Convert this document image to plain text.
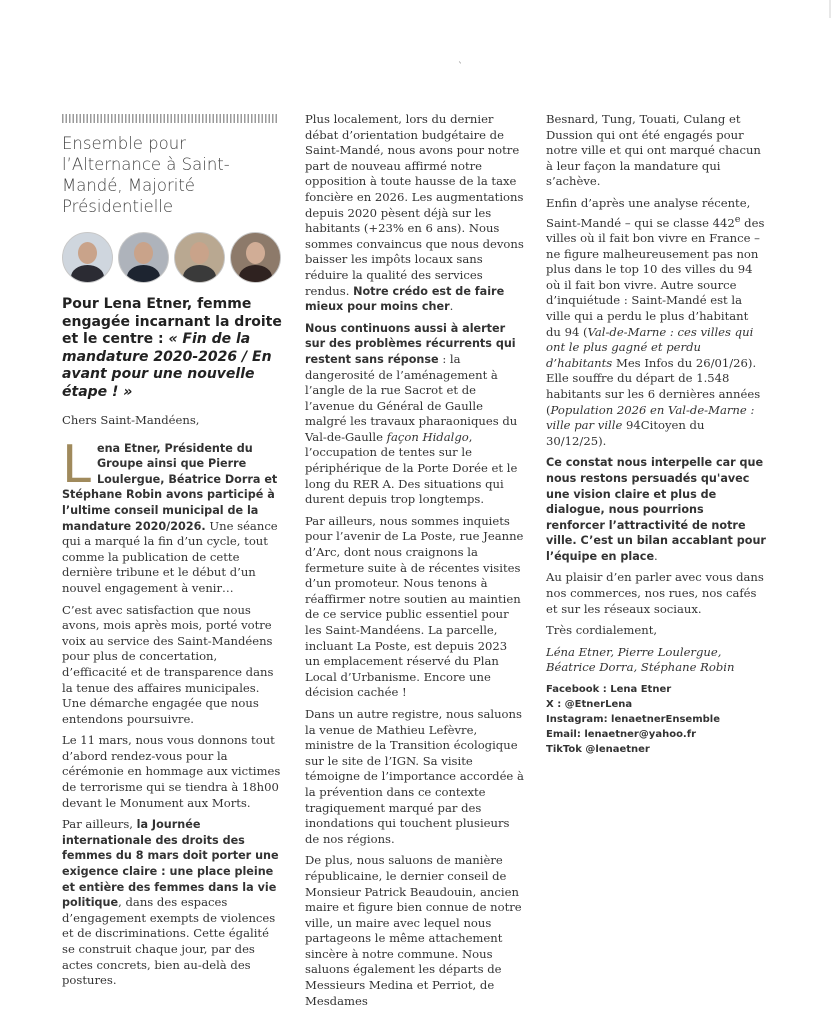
`
Ensemble pour l’Alternance à Saint-Mandé, Majorité Présidentielle
Pour Lena Etner, femme engagée incarnant la droite et le centre : « Fin de la mandature 2020-2026 / En avant pour une nouvelle étape ! »

Chers Saint-Mandéens,

Lena Etner, Présidente du Groupe ainsi que Pierre Loulergue, Béatrice Dorra et Stéphane Robin avons participé à l’ultime conseil municipal de la mandature 2020/2026. Une séance qui a marqué la fin d’un cycle, tout comme la publication de cette dernière tribune et le début d’un nouvel engagement à venir…

C’est avec satisfaction que nous avons, mois après mois, porté votre voix au service des Saint-Mandéens pour plus de concertation, d’efficacité et de transparence dans la tenue des affaires municipales. Une démarche engagée que nous entendons poursuivre.

Le 11 mars, nous vous donnons tout d’abord rendez-vous pour la cérémonie en hommage aux victimes de terrorisme qui se tiendra à 18h00 devant le Monument aux Morts.

Par ailleurs, la Journée internationale des droits des femmes du 8 mars doit porter une exigence claire : une place pleine et entière des femmes dans la vie politique, dans des espaces d’engagement exempts de violences et de discriminations. Cette égalité se construit chaque jour, par des actes concrets, bien au-delà des postures.

Plus localement, lors du dernier débat d’orientation budgétaire de Saint-Mandé, nous avons pour notre part de nouveau affirmé notre opposition à toute hausse de la taxe foncière en 2026. Les augmentations depuis 2020 pèsent déjà sur les habitants (+23% en 6 ans). Nous sommes convaincus que nous devons baisser les impôts locaux sans réduire la qualité des services rendus. Notre crédo est de faire mieux pour moins cher.

Nous continuons aussi à alerter sur des problèmes récurrents qui restent sans réponse : la dangerosité de l’aménagement à l’angle de la rue Sacrot et de l’avenue du Général de Gaulle malgré les travaux pharaoniques du Val-de-Gaulle façon Hidalgo, l’occupation de tentes sur le périphérique de la Porte Dorée et le long du RER A. Des situations qui durent depuis trop longtemps.

Par ailleurs, nous sommes inquiets pour l’avenir de La Poste, rue Jeanne d’Arc, dont nous craignons la fermeture suite à de récentes visites d’un promoteur. Nous tenons à réaffirmer notre soutien au maintien de ce service public essentiel pour les Saint-Mandéens. La parcelle, incluant La Poste, est depuis 2023 un emplacement réservé du Plan Local d’Urbanisme. Encore une décision cachée !

Dans un autre registre, nous saluons la venue de Mathieu Lefèvre, ministre de la Transition écologique sur le site de l’IGN. Sa visite témoigne de l’importance accordée à la prévention dans ce contexte tragiquement marqué par des inondations qui touchent plusieurs de nos régions.

De plus, nous saluons de manière républicaine, le dernier conseil de Monsieur Patrick Beaudouin, ancien maire et figure bien connue de notre ville, un maire avec lequel nous partageons le même attachement sincère à notre commune. Nous saluons également les départs de Messieurs Medina et Perriot, de Mesdames

Besnard, Tung, Touati, Culang et Dussion qui ont été engagés pour notre ville et qui ont marqué chacun à leur façon la mandature qui s’achève.

Enfin d’après une analyse récente, Saint-Mandé – qui se classe 442e des villes où il fait bon vivre en France – ne figure malheureusement pas non plus dans le top 10 des villes du 94 où il fait bon vivre. Autre source d’inquiétude : Saint-Mandé est la ville qui a perdu le plus d’habitant du 94 (Val-de-Marne : ces villes qui ont le plus gagné et perdu d’habitants Mes Infos du 26/01/26). Elle souffre du départ de 1.548 habitants sur les 6 dernières années (Population 2026 en Val-de-Marne : ville par ville 94Citoyen du 30/12/25).

Ce constat nous interpelle car que nous restons persuadés qu'avec une vision claire et plus de dialogue, nous pourrions renforcer l’attractivité de notre ville. C’est un bilan accablant pour l’équipe en place.

Au plaisir d’en parler avec vous dans nos commerces, nos rues, nos cafés et sur les réseaux sociaux.

Très cordialement,

Léna Etner, Pierre Loulergue,
Béatrice Dorra, Stéphane Robin

Facebook : Lena Etner
X : @EtnerLena
Instagram: lenaetnerEnsemble
Email: lenaetner@yahoo.fr
TikTok @lenaetner
